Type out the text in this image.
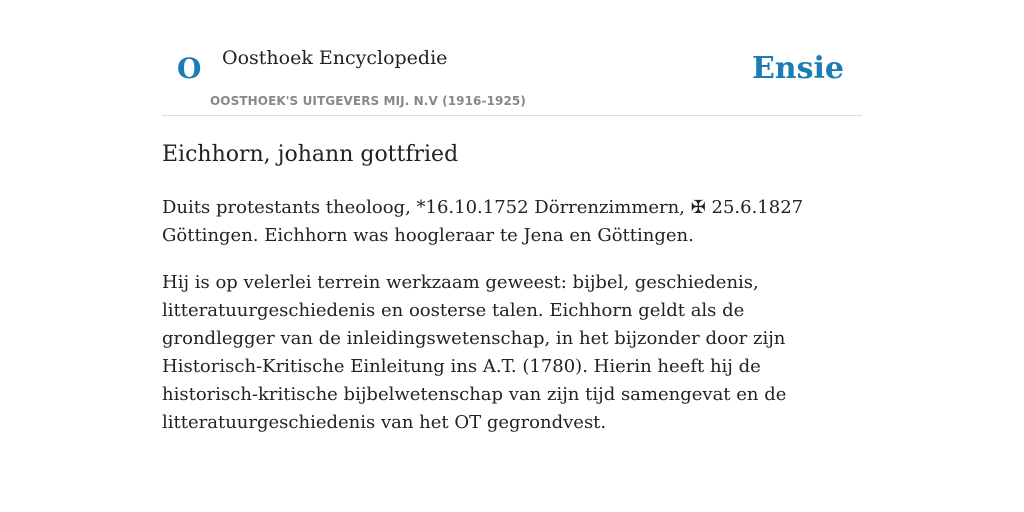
O Oosthoek Encyclopedie
OOSTHOEK'S UITGEVERS MIJ. N.V (1916-1925)
Ensie
Eichhorn, johann gottfried

Duits protestants theoloog, *16.10.1752 Dörrenzimmern, ✠ 25.6.1827 Göttingen. Eichhorn was hoogleraar te Jena en Göttingen.

Hij is op velerlei terrein werkzaam geweest: bijbel, geschiedenis, litteratuurgeschiedenis en oosterse talen. Eichhorn geldt als de grondlegger van de inleidingswetenschap, in het bijzonder door zijn Historisch-Kritische Einleitung ins A.T. (1780). Hierin heeft hij de historisch-kritische bijbelwetenschap van zijn tijd samengevat en de litteratuurgeschiedenis van het OT gegrondvest.
